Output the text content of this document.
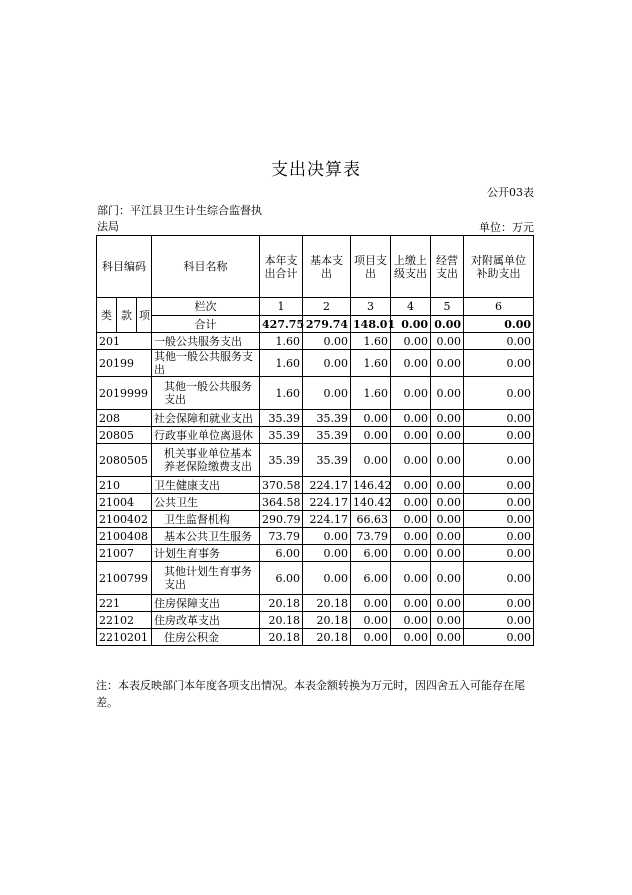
支出决算表
公开03表
部门：平江县卫生计生综合监督执法局	单位：万元
科目编码			科目名称	本年支出合计	基本支出	项目支出	上缴上级支出	经营支出	对附属单位补助支出
类	款	项	栏次	1	2	3	4	5	6
			合计	427.75	279.74	148.01	0.00	0.00	0.00
201			一般公共服务支出	1.60	0.00	1.60	0.00	0.00	0.00
20199			其他一般公共服务支出	1.60	0.00	1.60	0.00	0.00	0.00
2019999			其他一般公共服务支出	1.60	0.00	1.60	0.00	0.00	0.00
208			社会保障和就业支出	35.39	35.39	0.00	0.00	0.00	0.00
20805			行政事业单位离退休	35.39	35.39	0.00	0.00	0.00	0.00
2080505			机关事业单位基本养老保险缴费支出	35.39	35.39	0.00	0.00	0.00	0.00
210			卫生健康支出	370.58	224.17	146.42	0.00	0.00	0.00
21004			公共卫生	364.58	224.17	140.42	0.00	0.00	0.00
2100402			卫生监督机构	290.79	224.17	66.63	0.00	0.00	0.00
2100408			基本公共卫生服务	73.79	0.00	73.79	0.00	0.00	0.00
21007			计划生育事务	6.00	0.00	6.00	0.00	0.00	0.00
2100799			其他计划生育事务支出	6.00	0.00	6.00	0.00	0.00	0.00
221			住房保障支出	20.18	20.18	0.00	0.00	0.00	0.00
22102			住房改革支出	20.18	20.18	0.00	0.00	0.00	0.00
2210201			住房公积金	20.18	20.18	0.00	0.00	0.00	0.00
注：本表反映部门本年度各项支出情况。本表金额转换为万元时，因四舍五入可能存在尾差。
